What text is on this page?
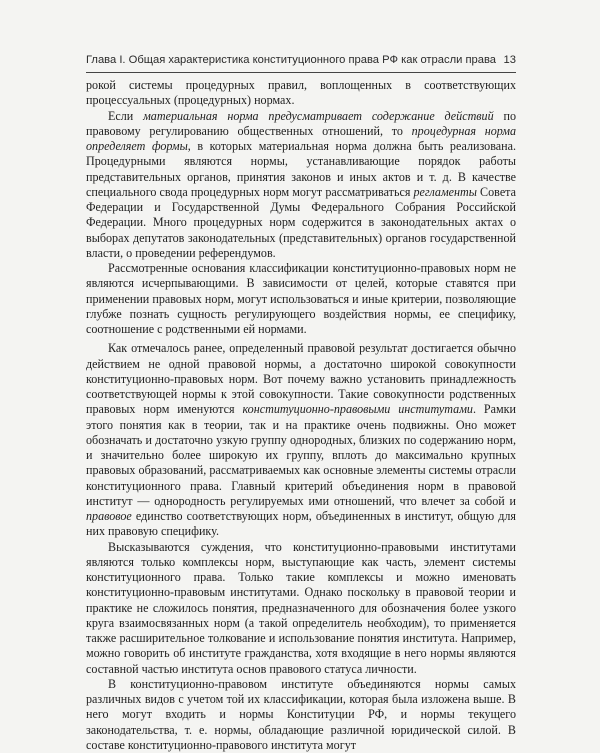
Глава I. Общая характеристика конституционного права РФ как отрасли права 13

рокой системы процедурных правил, воплощенных в соответствующих процессуальных (процедурных) нормах.

Если материальная норма предусматривает содержание действий по правовому регулированию общественных отношений, то процедурная норма определяет формы, в которых материальная норма должна быть реализована. Процедурными являются нормы, устанавливающие порядок работы представительных органов, принятия законов и иных актов и т. д. В качестве специального свода процедурных норм могут рассматриваться регламенты Совета Федерации и Государственной Думы Федерального Собрания Российской Федерации. Много процедурных норм содержится в законодательных актах о выборах депутатов законодательных (представительных) органов государственной власти, о проведении референдумов.

Рассмотренные основания классификации конституционно-правовых норм не являются исчерпывающими. В зависимости от целей, которые ставятся при применении правовых норм, могут использоваться и иные критерии, позволяющие глубже познать сущность регулирующего воздействия нормы, ее специфику, соотношение с родственными ей нормами.

Как отмечалось ранее, определенный правовой результат достигается обычно действием не одной правовой нормы, а достаточно широкой совокупности конституционно-правовых норм. Вот почему важно установить принадлежность соответствующей нормы к этой совокупности. Такие совокупности родственных правовых норм именуются конституционно-правовыми институтами. Рамки этого понятия как в теории, так и на практике очень подвижны. Оно может обозначать и достаточно узкую группу однородных, близких по содержанию норм, и значительно более широкую их группу, вплоть до максимально крупных правовых образований, рассматриваемых как основные элементы системы отрасли конституционного права. Главный критерий объединения норм в правовой институт — однородность регулируемых ими отношений, что влечет за собой и правовое единство соответствующих норм, объединенных в институт, общую для них правовую специфику.

Высказываются суждения, что конституционно-правовыми институтами являются только комплексы норм, выступающие как часть, элемент системы конституционного права. Только такие комплексы и можно именовать конституционно-правовым институтами. Однако поскольку в правовой теории и практике не сложилось понятия, предназначенного для обозначения более узкого круга взаимосвязанных норм (а такой определитель необходим), то применяется также расширительное толкование и использование понятия института. Например, можно говорить об институте гражданства, хотя входящие в него нормы являются составной частью института основ правового статуса личности.

В конституционно-правовом институте объединяются нормы самых различных видов с учетом той их классификации, которая была изложена выше. В него могут входить и нормы Конституции РФ, и нормы текущего законодательства, т. е. нормы, обладающие различной юридической силой. В составе конституционно-правового института могут
